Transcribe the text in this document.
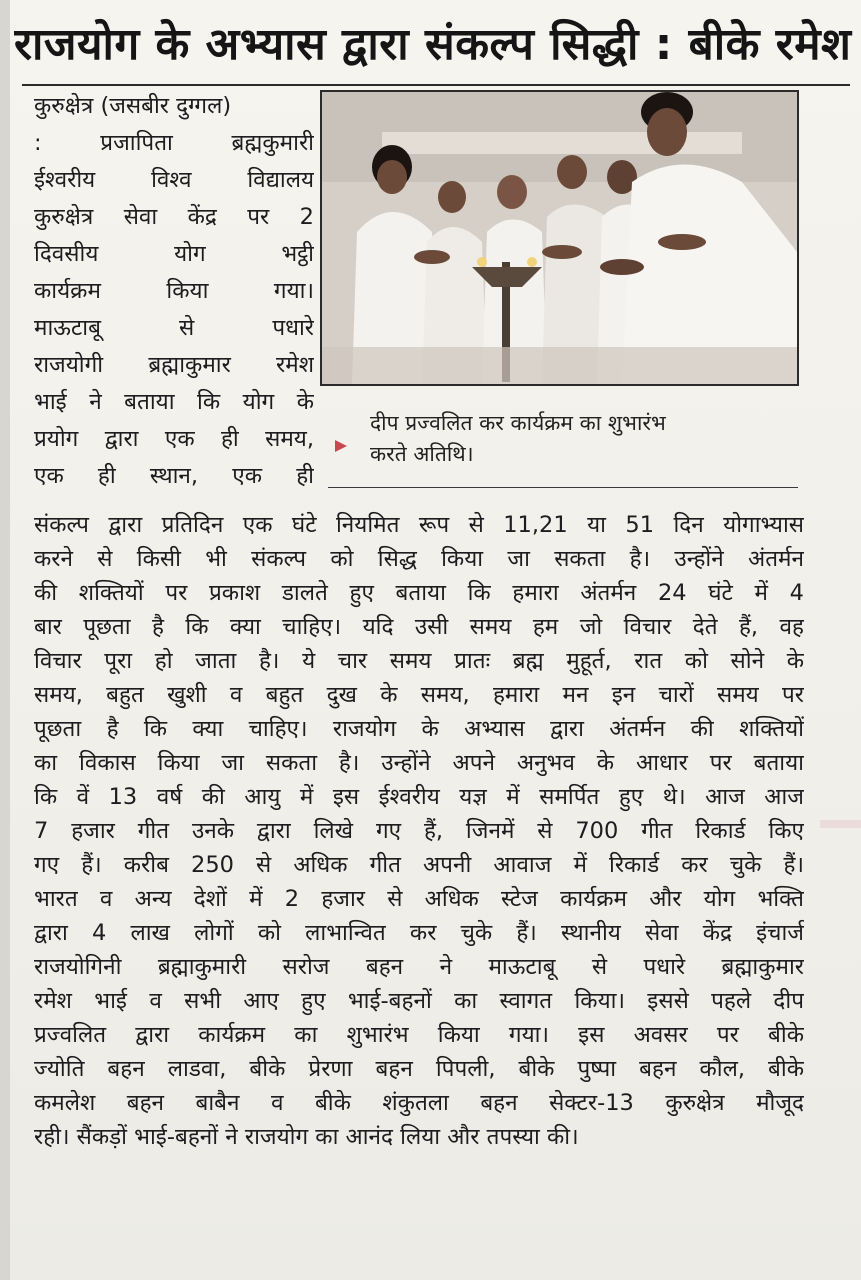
राजयोग के अभ्यास द्वारा संकल्प सिद्धी : बीके रमेश
कुरुक्षेत्र (जसबीर दुग्गल)
: प्रजापिता ब्रह्मकुमारी
ईश्वरीय विश्व विद्यालय
कुरुक्षेत्र सेवा केंद्र पर 2
दिवसीय योग भट्ठी
कार्यक्रम किया गया।
माऊटाबू से पधारे
राजयोगी ब्रह्माकुमार रमेश
भाई ने बताया कि योग के
प्रयोग द्वारा एक ही समय,
एक ही स्थान, एक ही
दीप प्रज्वलित कर कार्यक्रम का शुभारंभ
करते अतिथि।
संकल्प द्वारा प्रतिदिन एक घंटे नियमित रूप से 11,21 या 51 दिन योगाभ्यास
करने से किसी भी संकल्प को सिद्ध किया जा सकता है। उन्होंने अंतर्मन
की शक्तियों पर प्रकाश डालते हुए बताया कि हमारा अंतर्मन 24 घंटे में 4
बार पूछता है कि क्या चाहिए। यदि उसी समय हम जो विचार देते हैं, वह
विचार पूरा हो जाता है। ये चार समय प्रातः ब्रह्म मुहूर्त, रात को सोने के
समय, बहुत खुशी व बहुत दुख के समय, हमारा मन इन चारों समय पर
पूछता है कि क्या चाहिए। राजयोग के अभ्यास द्वारा अंतर्मन की शक्तियों
का विकास किया जा सकता है। उन्होंने अपने अनुभव के आधार पर बताया
कि वें 13 वर्ष की आयु में इस ईश्वरीय यज्ञ में समर्पित हुए थे। आज आज
7 हजार गीत उनके द्वारा लिखे गए हैं, जिनमें से 700 गीत रिकार्ड किए
गए हैं। करीब 250 से अधिक गीत अपनी आवाज में रिकार्ड कर चुके हैं।
भारत व अन्य देशों में 2 हजार से अधिक स्टेज कार्यक्रम और योग भक्ति
द्वारा 4 लाख लोगों को लाभान्वित कर चुके हैं। स्थानीय सेवा केंद्र इंचार्ज
राजयोगिनी ब्रह्माकुमारी सरोज बहन ने माऊटाबू से पधारे ब्रह्माकुमार
रमेश भाई व सभी आए हुए भाई-बहनों का स्वागत किया। इससे पहले दीप
प्रज्वलित द्वारा कार्यक्रम का शुभारंभ किया गया। इस अवसर पर बीके
ज्योति बहन लाडवा, बीके प्रेरणा बहन पिपली, बीके पुष्पा बहन कौल, बीके
कमलेश बहन बाबैन व बीके शंकुतला बहन सेक्टर-13 कुरुक्षेत्र मौजूद
रही। सैंकड़ों भाई-बहनों ने राजयोग का आनंद लिया और तपस्या की।
